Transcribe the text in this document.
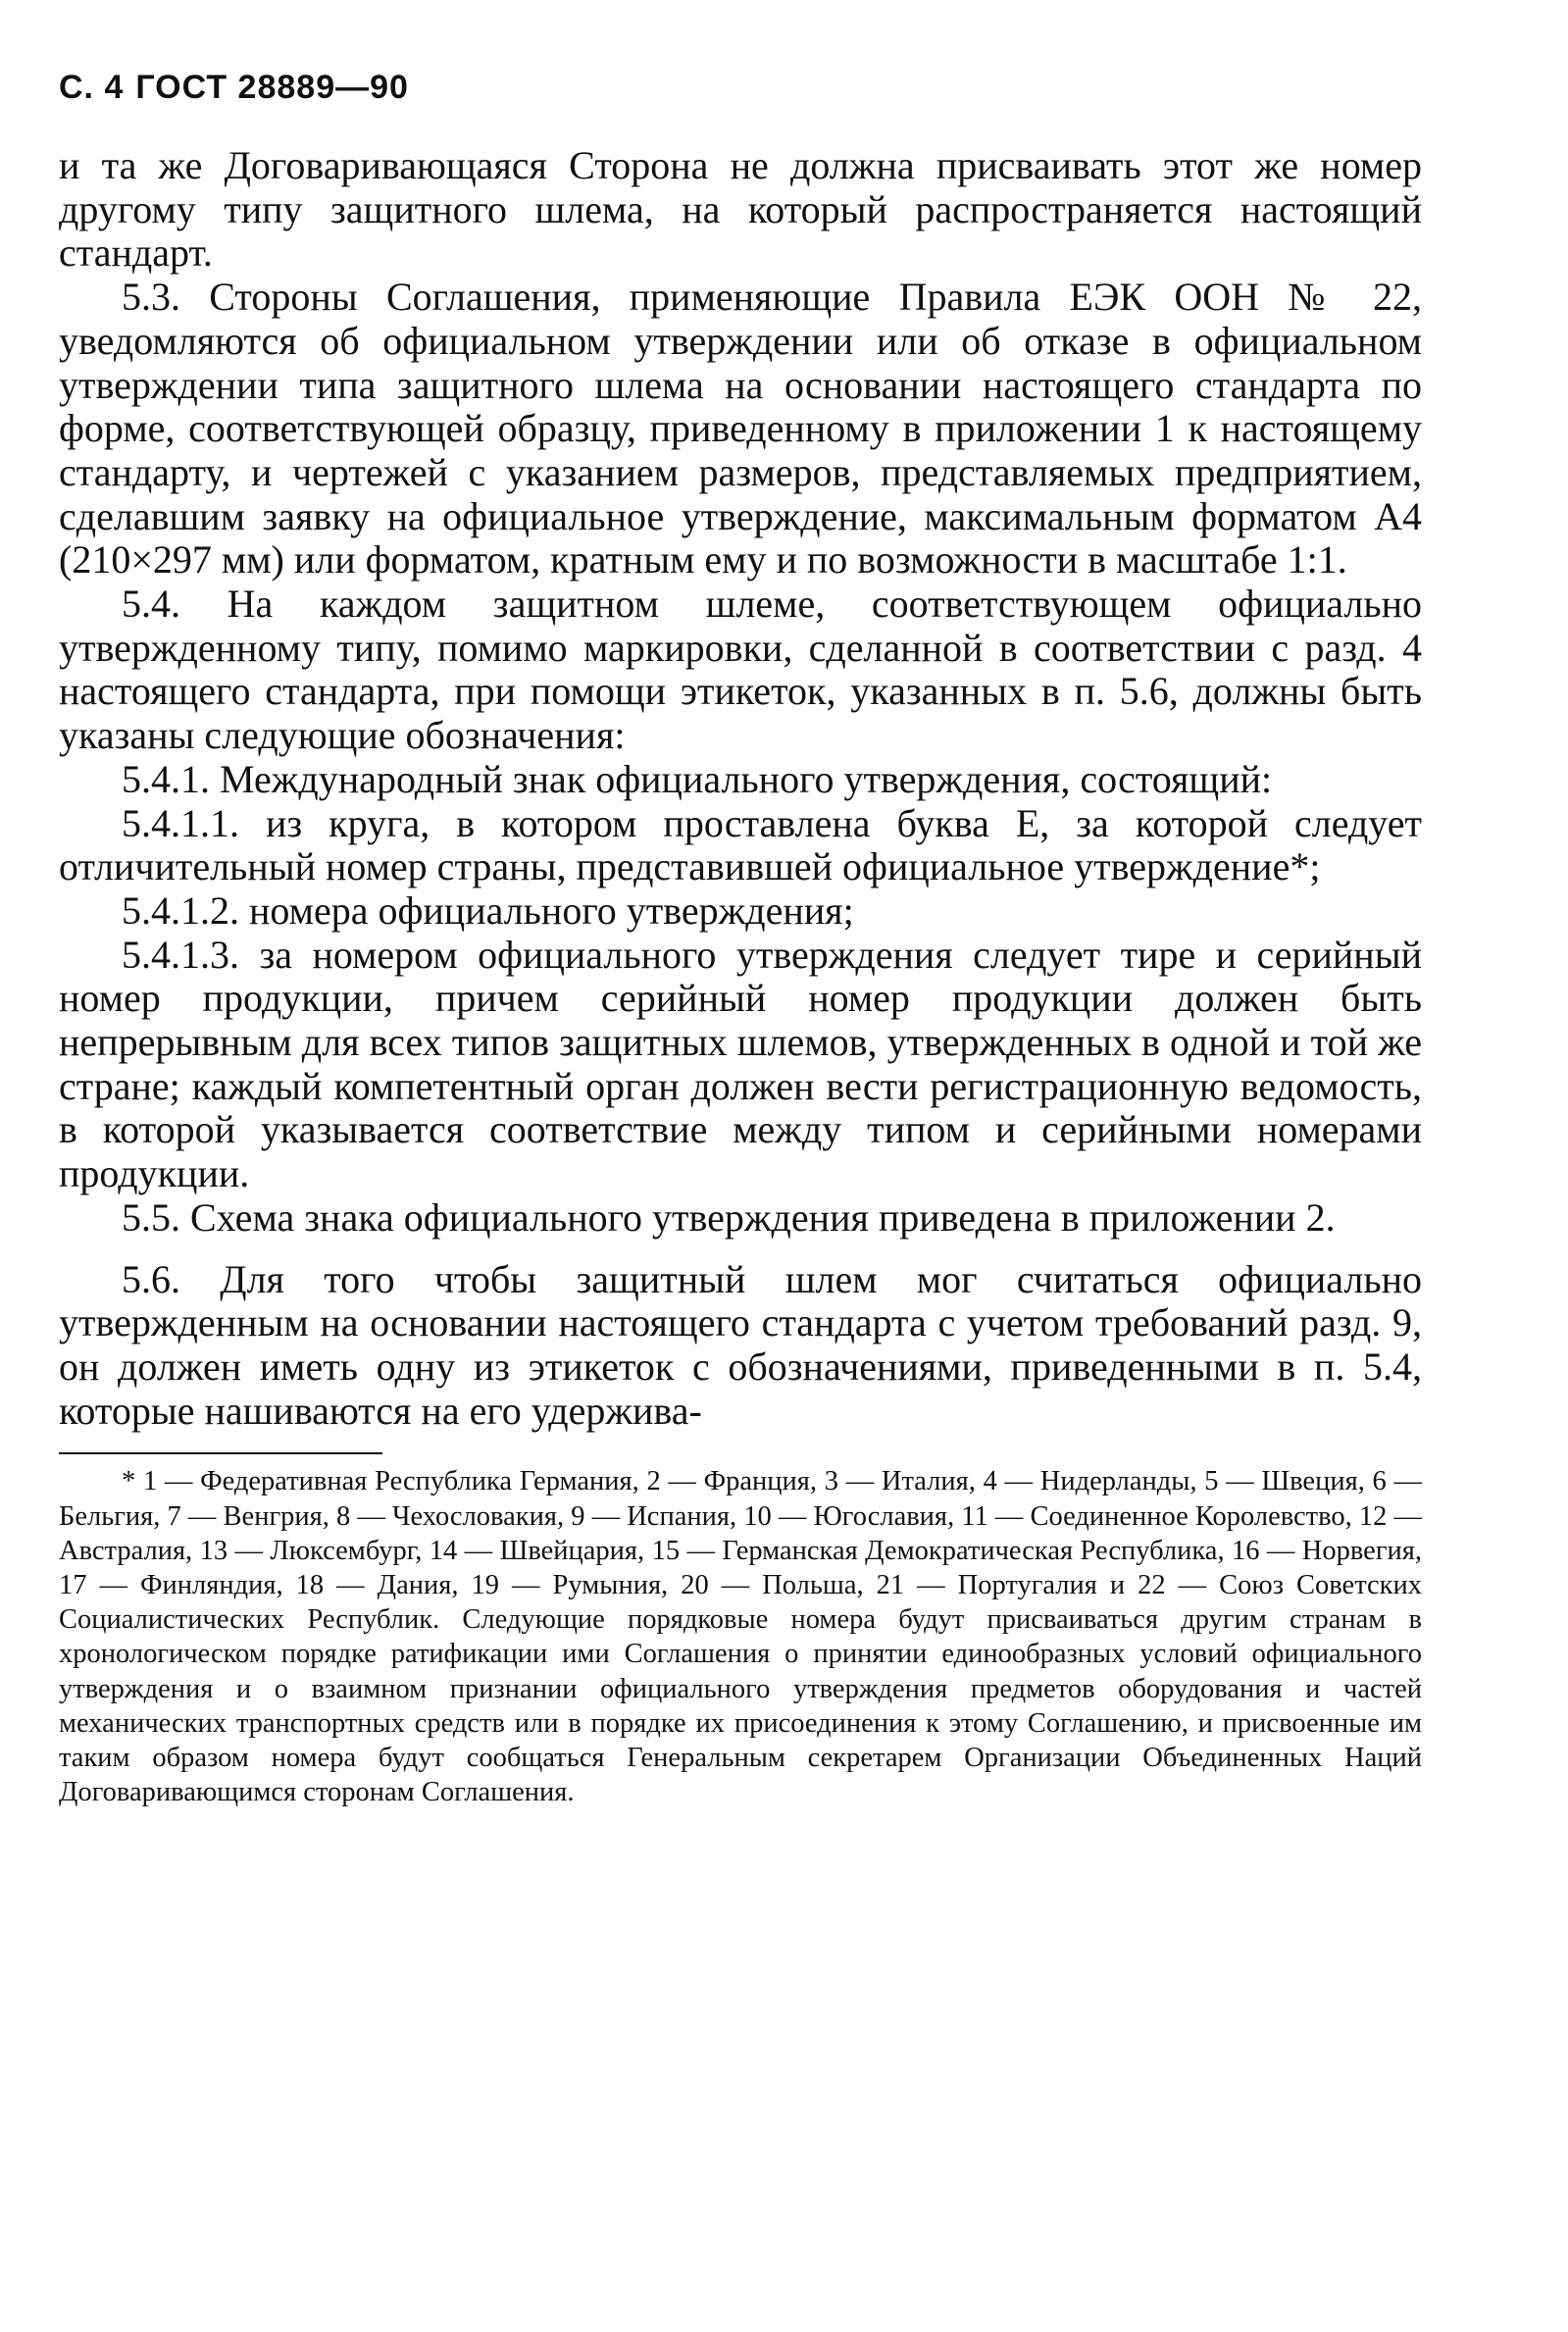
С. 4 ГОСТ 28889—90

и та же Договаривающаяся Сторона не должна присваивать этот же номер другому типу защитного шлема, на который распространяется настоящий стандарт.

5.3. Стороны Соглашения, применяющие Правила ЕЭК ООН № 22, уведомляются об официальном утверждении или об отказе в официальном утверждении типа защитного шлема на основании настоящего стандарта по форме, соответствующей образцу, приведенному в приложении 1 к настоящему стандарту, и чертежей с указанием размеров, представляемых предприятием, сделавшим заявку на официальное утверждение, максимальным форматом А4 (210×297 мм) или форматом, кратным ему и по возможности в масштабе 1:1.

5.4. На каждом защитном шлеме, соответствующем официально утвержденному типу, помимо маркировки, сделанной в соответствии с разд. 4 настоящего стандарта, при помощи этикеток, указанных в п. 5.6, должны быть указаны следующие обозначения:

5.4.1. Международный знак официального утверждения, состоящий:

5.4.1.1. из круга, в котором проставлена буква Е, за которой следует отличительный номер страны, представившей официальное утверждение*;

5.4.1.2. номера официального утверждения;

5.4.1.3. за номером официального утверждения следует тире и серийный номер продукции, причем серийный номер продукции должен быть непрерывным для всех типов защитных шлемов, утвержденных в одной и той же стране; каждый компетентный орган должен вести регистрационную ведомость, в которой указывается соответствие между типом и серийными номерами продукции.

5.5. Схема знака официального утверждения приведена в приложении 2.

5.6. Для того чтобы защитный шлем мог считаться официально утвержденным на основании настоящего стандарта с учетом требований разд. 9, он должен иметь одну из этикеток с обозначениями, приведенными в п. 5.4, которые нашиваются на его удержива-

* 1 — Федеративная Республика Германия, 2 — Франция, 3 — Италия, 4 — Нидерланды, 5 — Швеция, 6 — Бельгия, 7 — Венгрия, 8 — Чехословакия, 9 — Испания, 10 — Югославия, 11 — Соединенное Королевство, 12 — Австралия, 13 — Люксембург, 14 — Швейцария, 15 — Германская Демократическая Республика, 16 — Норвегия, 17 — Финляндия, 18 — Дания, 19 — Румыния, 20 — Польша, 21 — Португалия и 22 — Союз Советских Социалистических Республик. Следующие порядковые номера будут присваиваться другим странам в хронологическом порядке ратификации ими Соглашения о принятии единообразных условий официального утверждения и о взаимном признании официального утверждения предметов оборудования и частей механических транспортных средств или в порядке их присоединения к этому Соглашению, и присвоенные им таким образом номера будут сообщаться Генеральным секретарем Организации Объединенных Наций Договаривающимся сторонам Соглашения.
